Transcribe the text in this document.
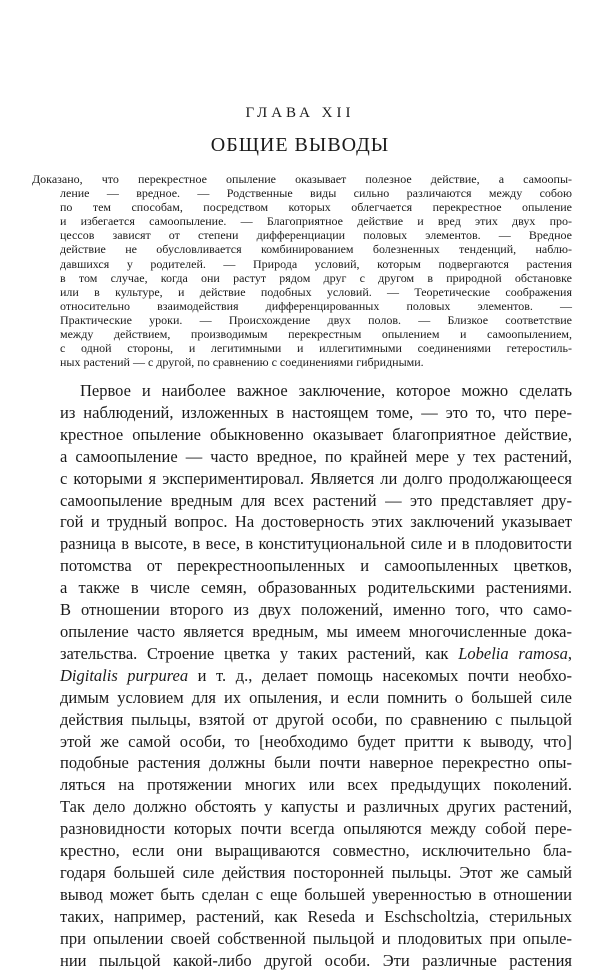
ГЛАВА XII
ОБЩИЕ ВЫВОДЫ
Доказано, что перекрестное опыление оказывает полезное действие, а самоопы-
ление — вредное. — Родственные виды сильно различаются между собою
по тем способам, посредством которых облегчается перекрестное опыление
и избегается самоопыление. — Благоприятное действие и вред этих двух про-
цессов зависят от степени дифференциации половых элементов. — Вредное
действие не обусловливается комбинированием болезненных тенденций, наблю-
давшихся у родителей. — Природа условий, которым подвергаются растения
в том случае, когда они растут рядом друг с другом в природной обстановке
или в культуре, и действие подобных условий. — Теоретические соображения
относительно взаимодействия дифференцированных половых элементов. —
Практические уроки. — Происхождение двух полов. — Близкое соответствие
между действием, производимым перекрестным опылением и самоопылением,
с одной стороны, и легитимными и иллегитимными соединениями гетеростиль-
ных растений — с другой, по сравнению с соединениями гибридными.
Первое и наиболее важное заключение, которое можно сделать
из наблюдений, изложенных в настоящем томе, — это то, что пере-
крестное опыление обыкновенно оказывает благоприятное действие,
а самоопыление — часто вредное, по крайней мере у тех растений,
с которыми я экспериментировал. Является ли долго продолжающееся
самоопыление вредным для всех растений — это представляет дру-
гой и трудный вопрос. На достоверность этих заключений указывает
разница в высоте, в весе, в конституциональной силе и в плодовитости
потомства от перекрестноопыленных и самоопыленных цветков,
а также в числе семян, образованных родительскими растениями.
В отношении второго из двух положений, именно того, что само-
опыление часто является вредным, мы имеем многочисленные дока-
зательства. Строение цветка у таких растений, как Lobelia ramosa,
Digitalis purpurea и т. д., делает помощь насекомых почти необхо-
димым условием для их опыления, и если помнить о большей силе
действия пыльцы, взятой от другой особи, по сравнению с пыльцой
этой же самой особи, то [необходимо будет притти к выводу, что]
подобные растения должны были почти наверное перекрестно опы-
ляться на протяжении многих или всех предыдущих поколений.
Так дело должно обстоять у капусты и различных других растений,
разновидности которых почти всегда опыляются между собой пере-
крестно, если они выращиваются совместно, исключительно бла-
годаря большей силе действия посторонней пыльцы. Этот же самый
вывод может быть сделан с еще большей уверенностью в отношении
таких, например, растений, как Reseda и Eschscholtzia, стерильных
при опылении своей собственной пыльцой и плодовитых при опыле-
нии пыльцой какой-либо другой особи. Эти различные растения
